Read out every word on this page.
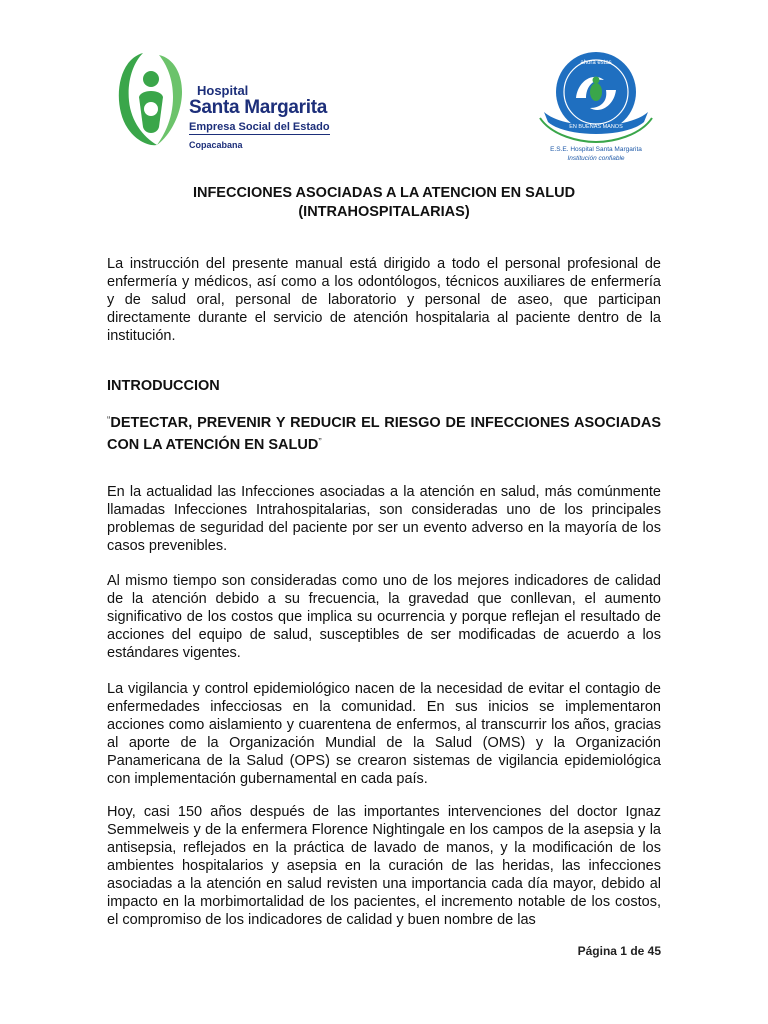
Hospital
Santa Margarita
Empresa Social del Estado
Copacabana
ahora estas
EN BUENAS MANOS
E.S.E. Hospital Santa Margarita
Institución confiable
INFECCIONES ASOCIADAS A LA ATENCION EN SALUD
(INTRAHOSPITALARIAS)

La instrucción del presente manual está dirigido a todo el personal profesional de enfermería y médicos, así como a los odontólogos, técnicos auxiliares de enfermería y de salud oral, personal de laboratorio y personal de aseo, que participan directamente durante el servicio de atención hospitalaria al paciente dentro de la institución.

INTRODUCCION

“DETECTAR, PREVENIR Y REDUCIR EL RIESGO DE INFECCIONES ASOCIADAS CON LA ATENCIÓN EN SALUD”

En la actualidad las Infecciones asociadas a la atención en salud, más comúnmente llamadas Infecciones Intrahospitalarias, son consideradas uno de los principales problemas de seguridad del paciente por ser un evento adverso en la mayoría de los casos prevenibles.

Al mismo tiempo son consideradas como uno de los mejores indicadores de calidad de la atención debido a su frecuencia, la gravedad que conllevan, el aumento significativo de los costos que implica su ocurrencia y porque reflejan el resultado de acciones del equipo de salud, susceptibles de ser modificadas de acuerdo a los estándares vigentes.

La vigilancia y control epidemiológico nacen de la necesidad de evitar el contagio de enfermedades infecciosas en la comunidad. En sus inicios se implementaron acciones como aislamiento y cuarentena de enfermos, al transcurrir los años, gracias al aporte de la Organización Mundial de la Salud (OMS) y la Organización Panamericana de la Salud (OPS) se crearon sistemas de vigilancia epidemiológica con implementación gubernamental en cada país.

Hoy, casi 150 años después de las importantes intervenciones del doctor Ignaz Semmelweis y de la enfermera Florence Nightingale en los campos de la asepsia y la antisepsia, reflejados en la práctica de lavado de manos, y la modificación de los ambientes hospitalarios y asepsia en la curación de las heridas, las infecciones asociadas a la atención en salud revisten una importancia cada día mayor, debido al impacto en la morbimortalidad de los pacientes, el incremento notable de los costos, el compromiso de los indicadores de calidad y buen nombre de las

Página 1 de 45
